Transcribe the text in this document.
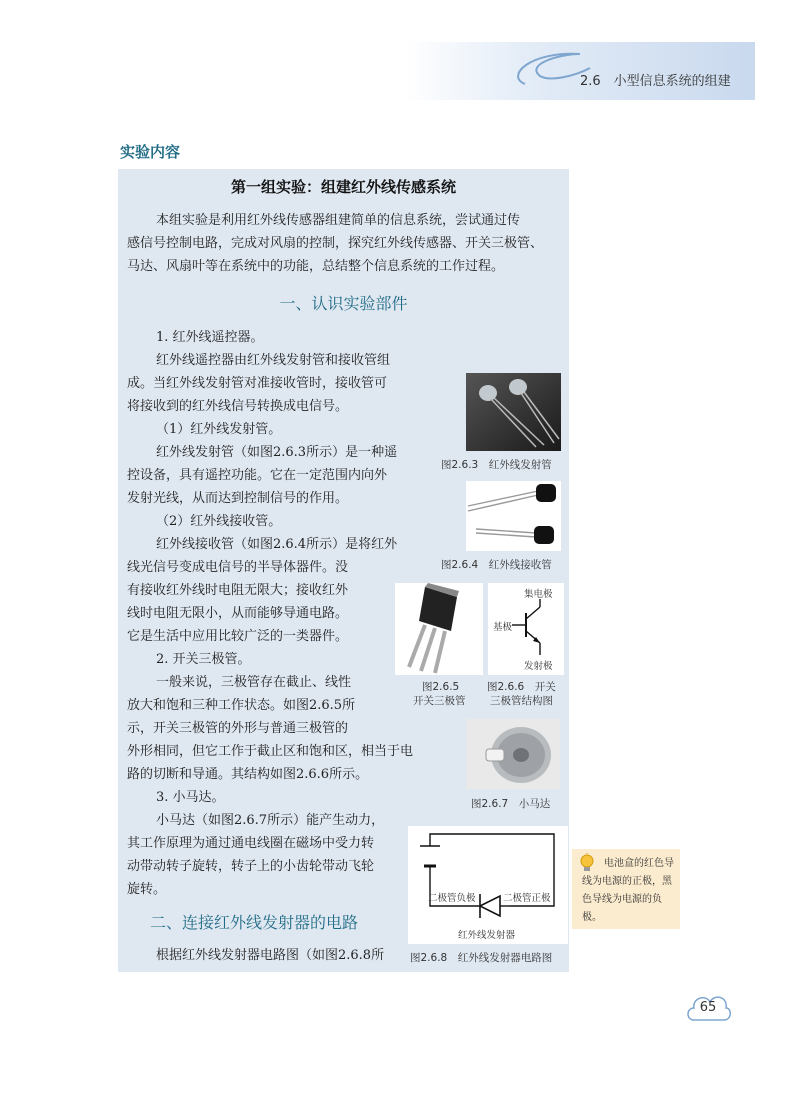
2.6　小型信息系统的组建
实验内容
第一组实验：组建红外线传感系统
本组实验是利用红外线传感器组建简单的信息系统，尝试通过传
感信号控制电路，完成对风扇的控制，探究红外线传感器、开关三极管、
马达、风扇叶等在系统中的功能，总结整个信息系统的工作过程。
一、认识实验部件
1. 红外线遥控器。
红外线遥控器由红外线发射管和接收管组
成。当红外线发射管对准接收管时，接收管可
将接收到的红外线信号转换成电信号。
（1）红外线发射管。
红外线发射管（如图2.6.3所示）是一种遥
控设备，具有遥控功能。它在一定范围内向外
发射光线，从而达到控制信号的作用。
（2）红外线接收管。
红外线接收管（如图2.6.4所示）是将红外
线光信号变成电信号的半导体器件。没
有接收红外线时电阻无限大；接收红外
线时电阻无限小，从而能够导通电路。
它是生活中应用比较广泛的一类器件。
2. 开关三极管。
一般来说，三极管存在截止、线性
放大和饱和三种工作状态。如图2.6.5所
示，开关三极管的外形与普通三极管的
外形相同，但它工作于截止区和饱和区，相当于电
路的切断和导通。其结构如图2.6.6所示。
3. 小马达。
小马达（如图2.6.7所示）能产生动力，
其工作原理为通过通电线圈在磁场中受力转
动带动转子旋转，转子上的小齿轮带动飞轮
旋转。
二、连接红外线发射器的电路
根据红外线发射器电路图（如图2.6.8所
图2.6.3　红外线发射管
图2.6.4　红外线接收管
图2.6.5
开关三极管
集电极
基极
发射极
图2.6.6　开关
三极管结构图
图2.6.7　小马达
二极管负极	二极管正极
红外线发射器
图2.6.8　红外线发射器电路图
电池盒的红色导线为电源的正极，黑色导线为电源的负极。
65
